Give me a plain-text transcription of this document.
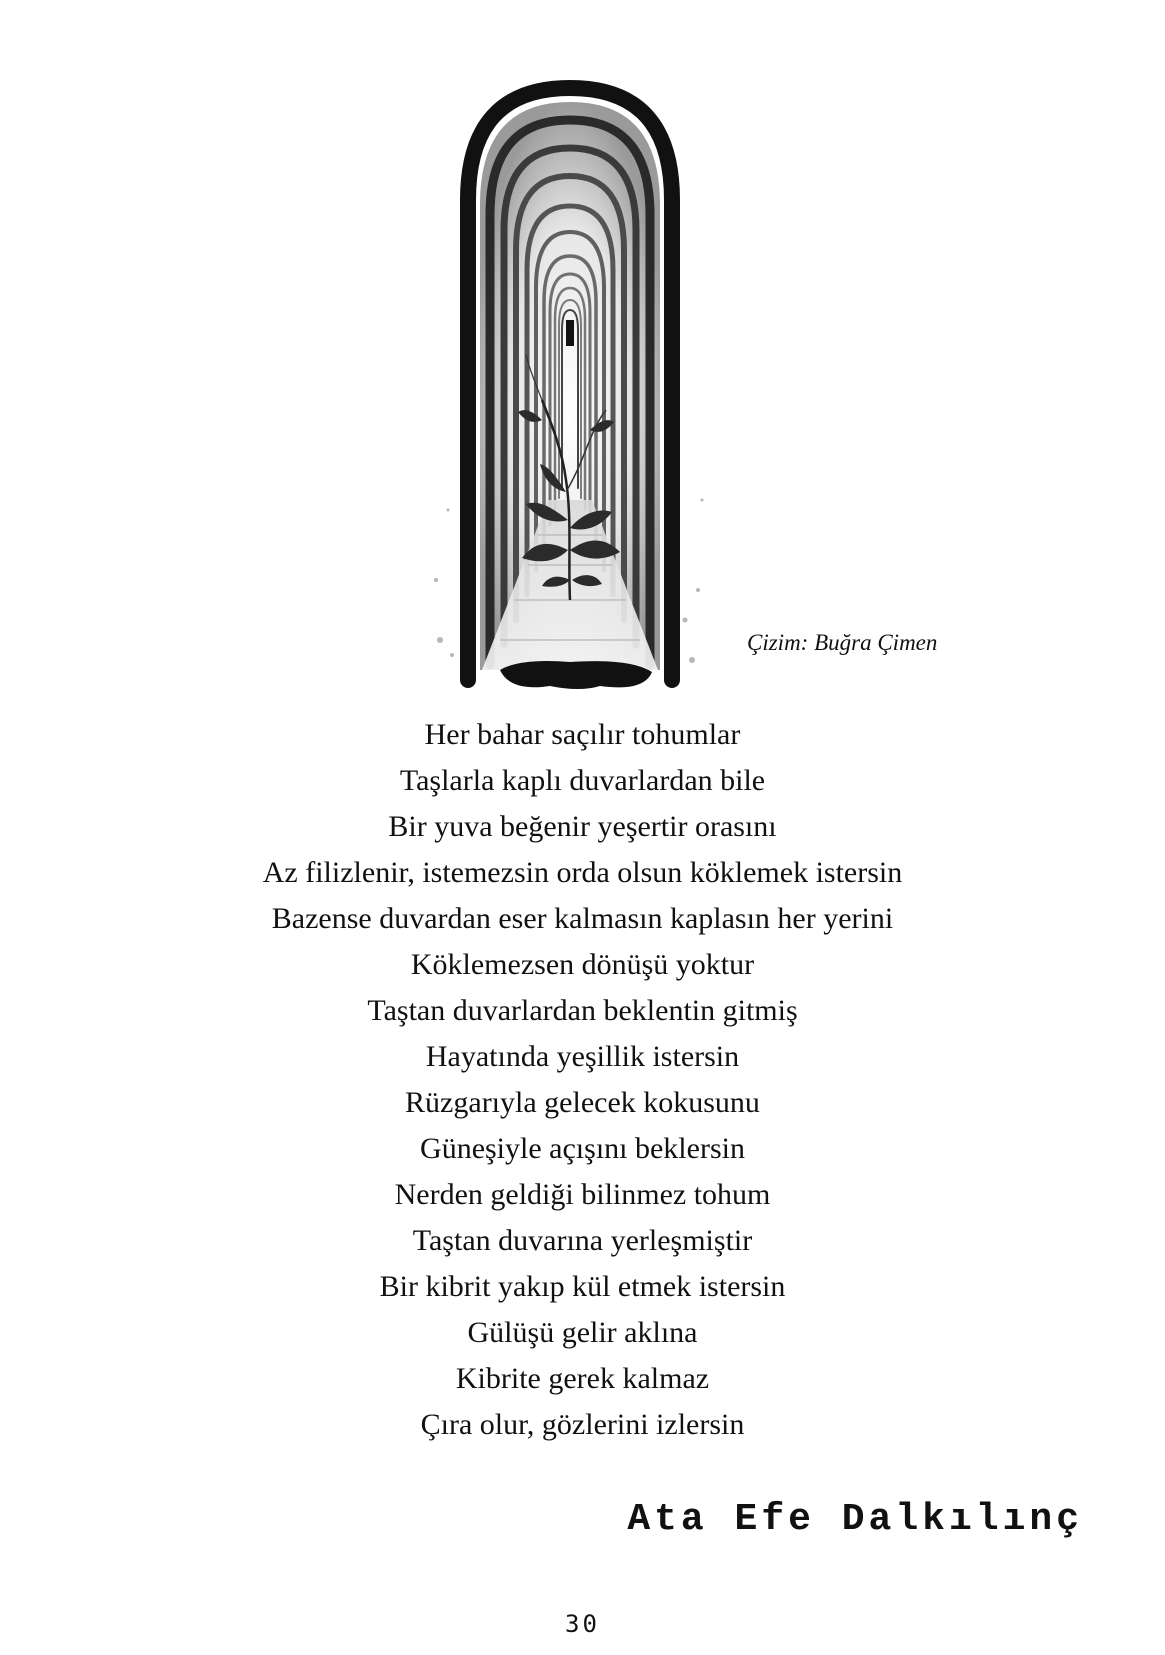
Çizim: Buğra Çimen
Her bahar saçılır tohumlar
Taşlarla kaplı duvarlardan bile
Bir yuva beğenir yeşertir orasını
Az filizlenir, istemezsin orda olsun köklemek istersin
Bazense duvardan eser kalmasın kaplasın her yerini
Köklemezsen dönüşü yoktur
Taştan duvarlardan beklentin gitmiş
Hayatında yeşillik istersin
Rüzgarıyla gelecek kokusunu
Güneşiyle açışını beklersin
Nerden geldiği bilinmez tohum
Taştan duvarına yerleşmiştir
Bir kibrit yakıp kül etmek istersin
Gülüşü gelir aklına
Kibrite gerek kalmaz
Çıra olur, gözlerini izlersin
Ata Efe Dalkılınç
30
